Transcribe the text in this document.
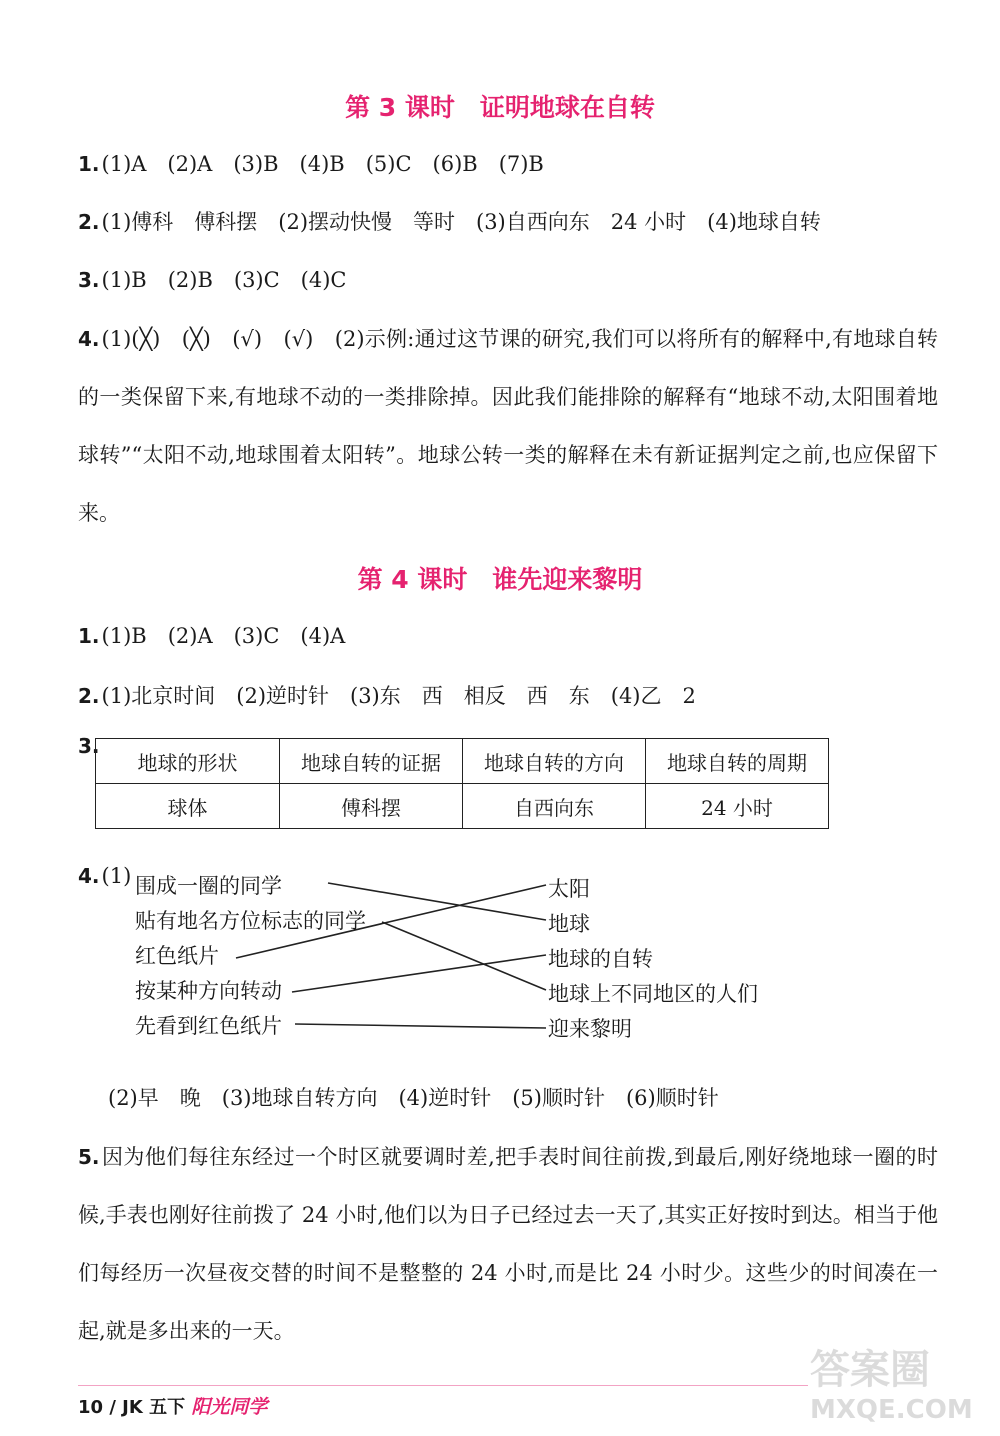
第 3 课时　证明地球在自转
1.(1)A　(2)A　(3)B　(4)B　(5)C　(6)B　(7)B
2.(1)傅科　傅科摆　(2)摆动快慢　等时　(3)自西向东　24 小时　(4)地球自转
3.(1)B　(2)B　(3)C　(4)C
4.(1)(╳)　(╳)　(√)　(√)　(2)示例:通过这节课的研究,我们可以将所有的解释中,有地球自转的一类保留下来,有地球不动的一类排除掉。因此我们能排除的解释有“地球不动,太阳围着地球转”“太阳不动,地球围着太阳转”。地球公转一类的解释在未有新证据判定之前,也应保留下来。
第 4 课时　谁先迎来黎明
1.(1)B　(2)A　(3)C　(4)A
2.(1)北京时间　(2)逆时针　(3)东　西　相反　西　东　(4)乙　2
3.
地球的形状	地球自转的证据	地球自转的方向	地球自转的周期
球体	傅科摆	自西向东	24 小时
4.(1) 围成一圈的同学
贴有地名方位标志的同学
红色纸片
按某种方向转动
先看到红色纸片
太阳
地球
地球的自转
地球上不同地区的人们
迎来黎明
(2)早　晚　(3)地球自转方向　(4)逆时针　(5)顺时针　(6)顺时针
5.因为他们每往东经过一个时区就要调时差,把手表时间往前拨,到最后,刚好绕地球一圈的时候,手表也刚好往前拨了 24 小时,他们以为日子已经过去一天了,其实正好按时到达。相当于他们每经历一次昼夜交替的时间不是整整的 24 小时,而是比 24 小时少。这些少的时间凑在一起,就是多出来的一天。
10 / JK 五下 阳光同学
答案圈
MXQE.COM
